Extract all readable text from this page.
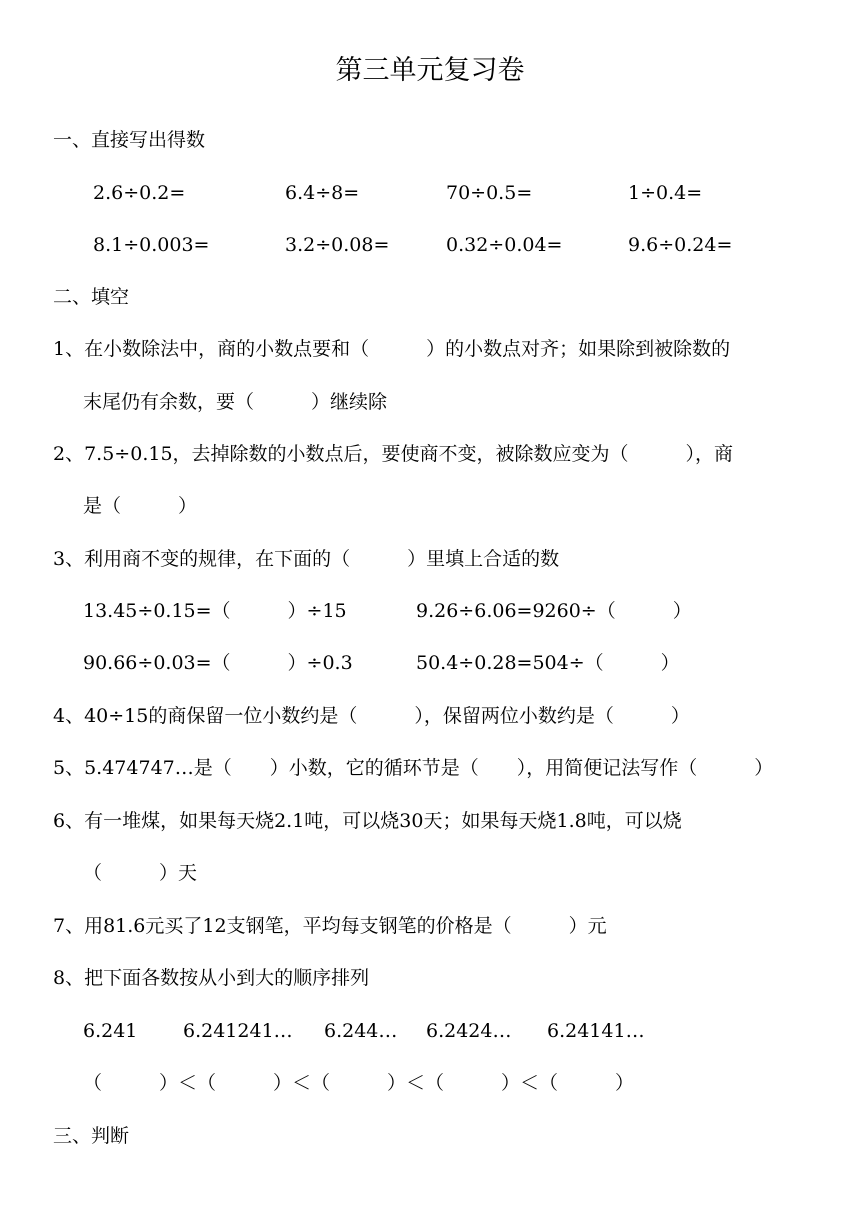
第三单元复习卷
一、直接写出得数
2.6÷0.2=	6.4÷8=	70÷0.5=	1÷0.4=
8.1÷0.003=	3.2÷0.08=	0.32÷0.04=	9.6÷0.24=
二、填空
1、在小数除法中，商的小数点要和（　　　）的小数点对齐；如果除到被除数的
末尾仍有余数，要（　　　）继续除
2、7.5÷0.15，去掉除数的小数点后，要使商不变，被除数应变为（　　　），商
是（　　　）
3、利用商不变的规律，在下面的（　　　）里填上合适的数
13.45÷0.15=（　　　）÷15	9.26÷6.06=9260÷（　　　）
90.66÷0.03=（　　　）÷0.3	50.4÷0.28=504÷（　　　）
4、40÷15的商保留一位小数约是（　　　），保留两位小数约是（　　　）
5、5.474747…是（　　）小数，它的循环节是（　　），用简便记法写作（　　　）
6、有一堆煤，如果每天烧2.1吨，可以烧30天；如果每天烧1.8吨，可以烧
（　　　）天
7、用81.6元买了12支钢笔，平均每支钢笔的价格是（　　　）元
8、把下面各数按从小到大的顺序排列
6.241 6.241241… 6.244… 6.2424… 6.24141…
（　　　）＜（　　　）＜（　　　）＜（　　　）＜（　　　）
三、判断
